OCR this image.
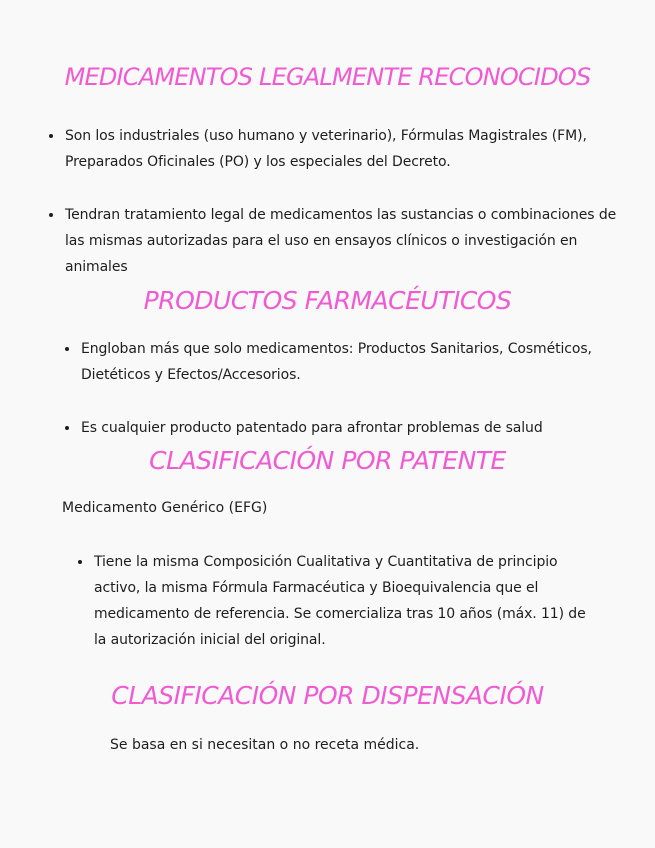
MEDICAMENTOS LEGALMENTE RECONOCIDOS
Son los industriales (uso humano y veterinario), Fórmulas Magistrales (FM), Preparados Oficinales (PO) y los especiales del Decreto.
Tendran tratamiento legal de medicamentos las sustancias o combinaciones de las mismas autorizadas para el uso en ensayos clínicos o investigación en animales
PRODUCTOS FARMACÉUTICOS
Engloban más que solo medicamentos: Productos Sanitarios, Cosméticos, Dietéticos y Efectos/Accesorios.
Es cualquier producto patentado para afrontar problemas de salud
CLASIFICACIÓN POR PATENTE

Medicamento Genérico (EFG)

Tiene la misma Composición Cualitativa y Cuantitativa de principio activo, la misma Fórmula Farmacéutica y Bioequivalencia que el medicamento de referencia. Se comercializa tras 10 años (máx. 11) de la autorización inicial del original.
CLASIFICACIÓN POR DISPENSACIÓN

Se basa en si necesitan o no receta médica.
